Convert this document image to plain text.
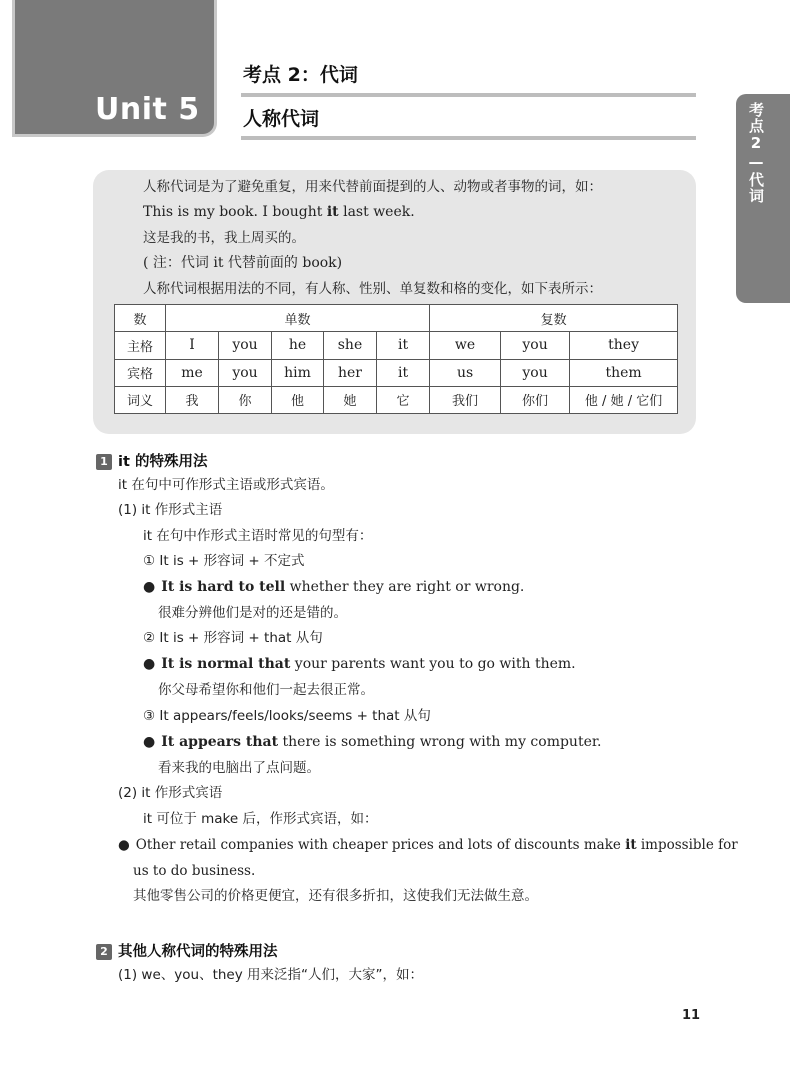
Unit 5
考点 2：代词
人称代词	考点2—代词
人称代词是为了避免重复，用来代替前面提到的人、动物或者事物的词，如：
This is my book. I bought it last week.
这是我的书，我上周买的。
( 注：代词 it 代替前面的 book)
人称代词根据用法的不同，有人称、性别、单复数和格的变化，如下表所示：
数	单数					复数		
主格	I	you	he	she	it	we	you	they
宾格	me	you	him	her	it	us	you	them
词义	我	你	他	她	它	我们	你们	他 / 她 / 它们
1 it 的特殊用法
it 在句中可作形式主语或形式宾语。
(1) it 作形式主语
it 在句中作形式主语时常见的句型有：
① It is + 形容词 + 不定式
● It is hard to tell whether they are right or wrong.
很难分辨他们是对的还是错的。
② It is + 形容词 + that 从句
● It is normal that your parents want you to go with them.
你父母希望你和他们一起去很正常。
③ It appears/feels/looks/seems + that 从句
● It appears that there is something wrong with my computer.
看来我的电脑出了点问题。
(2) it 作形式宾语
it 可位于 make 后，作形式宾语，如：
● Other retail companies with cheaper prices and lots of discounts make it impossible for
us to do business.
其他零售公司的价格更便宜，还有很多折扣，这使我们无法做生意。
2 其他人称代词的特殊用法
(1) we、you、they 用来泛指“人们，大家”，如：
11
